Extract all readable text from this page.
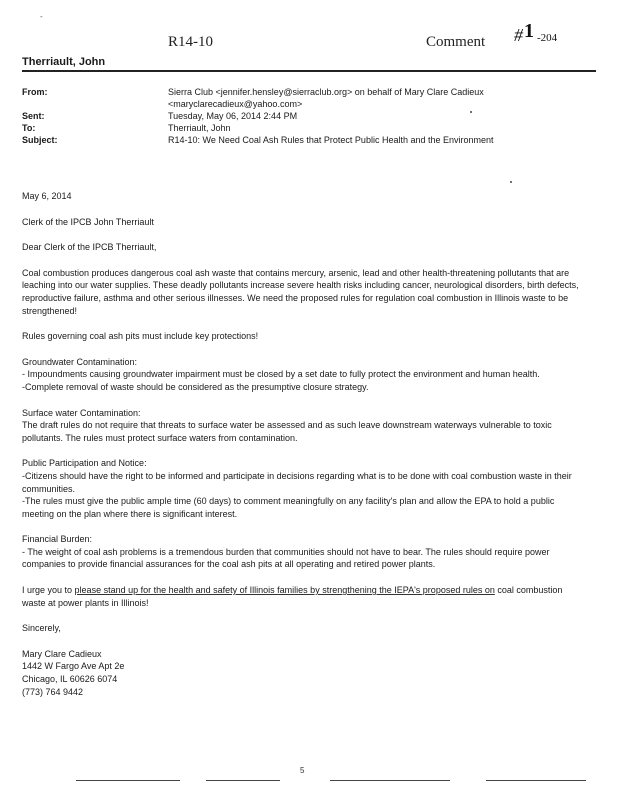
-
R14-10	Comment #1 -204
Therriault, John
From:	Sierra Club <jennifer.hensley@sierraclub.org> on behalf of Mary Clare Cadieux
<maryclarecadieux@yahoo.com>
Sent:	Tuesday, May 06, 2014 2:44 PM
To:	Therriault, John
Subject:	R14-10: We Need Coal Ash Rules that Protect Public Health and the Environment

May 6, 2014

Clerk of the IPCB John Therriault

Dear Clerk of the IPCB Therriault,

Coal combustion produces dangerous coal ash waste that contains mercury, arsenic, lead and other health-threatening pollutants that are leaching into our water supplies. These deadly pollutants increase severe health risks including cancer, neurological disorders, birth defects, reproductive failure, asthma and other serious illnesses. We need the proposed rules for regulation coal combustion in Illinois waste to be strengthened!

Rules governing coal ash pits must include key protections!

Groundwater Contamination:
- Impoundments causing groundwater impairment must be closed by a set date to fully protect the environment and human health.
-Complete removal of waste should be considered as the presumptive closure strategy.

Surface water Contamination:
The draft rules do not require that threats to surface water be assessed and as such leave downstream waterways vulnerable to toxic pollutants. The rules must protect surface waters from contamination.

Public Participation and Notice:
-Citizens should have the right to be informed and participate in decisions regarding what is to be done with coal combustion waste in their communities.
-The rules must give the public ample time (60 days) to comment meaningfully on any facility's plan and allow the EPA to hold a public meeting on the plan where there is significant interest.

Financial Burden:
- The weight of coal ash problems is a tremendous burden that communities should not have to bear. The rules should require power companies to provide financial assurances for the coal ash pits at all operating and retired power plants.

I urge you to please stand up for the health and safety of Illinois families by strengthening the IEPA's proposed rules on coal combustion waste at power plants in Illinois!

Sincerely,

Mary Clare Cadieux
1442 W Fargo Ave Apt 2e
Chicago, IL 60626 6074
(773) 764 9442
5
